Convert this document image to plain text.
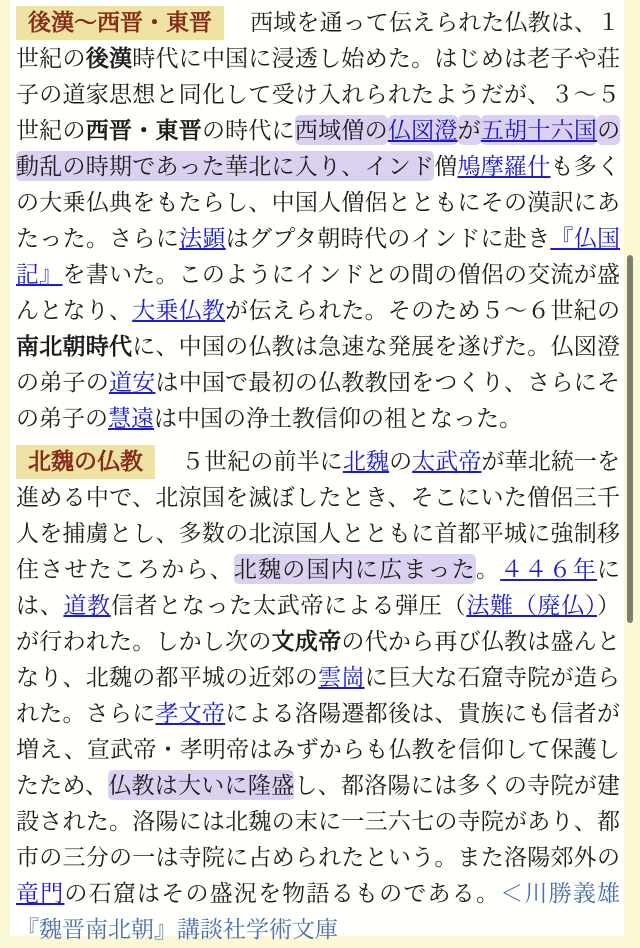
後漢〜西晋・東晋 西域を通って伝えられた仏教は、１世紀の後漢時代に中国に浸透し始めた。はじめは老子や荘子の道家思想と同化して受け入れられたようだが、３〜５世紀の西晋・東晋の時代に西域僧の仏図澄が五胡十六国の動乱の時期であった華北に入り、インド僧鳩摩羅什も多くの大乗仏典をもたらし、中国人僧侶とともにその漢訳にあたった。さらに法顕はグプタ朝時代のインドに赴き『仏国記』を書いた。このようにインドとの間の僧侶の交流が盛んとなり、大乗仏教が伝えられた。そのため５〜６世紀の南北朝時代に、中国の仏教は急速な発展を遂げた。仏図澄の弟子の道安は中国で最初の仏教教団をつくり、さらにその弟子の慧遠は中国の浄土教信仰の祖となった。

北魏の仏教 ５世紀の前半に北魏の太武帝が華北統一を進める中で、北涼国を滅ぼしたとき、そこにいた僧侶三千人を捕虜とし、多数の北涼国人とともに首都平城に強制移住させたころから、北魏の国内に広まった。４４６年には、道教信者となった太武帝による弾圧（法難（廃仏））が行われた。しかし次の文成帝の代から再び仏教は盛んとなり、北魏の都平城の近郊の雲崗に巨大な石窟寺院が造られた。さらに孝文帝による洛陽遷都後は、貴族にも信者が増え、宣武帝・孝明帝はみずからも仏教を信仰して保護したため、仏教は大いに隆盛し、都洛陽には多くの寺院が建設された。洛陽には北魏の末に一三六七の寺院があり、都市の三分の一は寺院に占められたという。また洛陽郊外の竜門の石窟はその盛況を物語るものである。＜川勝義雄『魏晋南北朝』講談社学術文庫
